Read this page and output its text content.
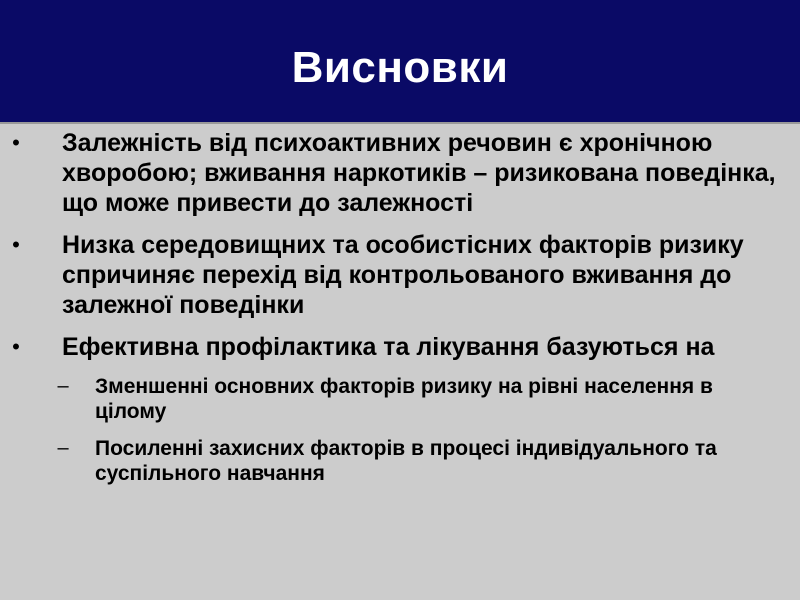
Висновки
• Залежність від психоактивних речовин є хронічною хворобою; вживання наркотиків – ризикована поведінка, що може привести до залежності
• Низка середовищних та особистісних факторів ризику спричиняє перехід від контрольованого вживання до залежної поведінки
• Ефективна профілактика та лікування базуються на
–	Зменшенні основних факторів ризику на рівні населення в цілому
–	Посиленні захисних факторів в процесі індивідуального та суспільного навчання
